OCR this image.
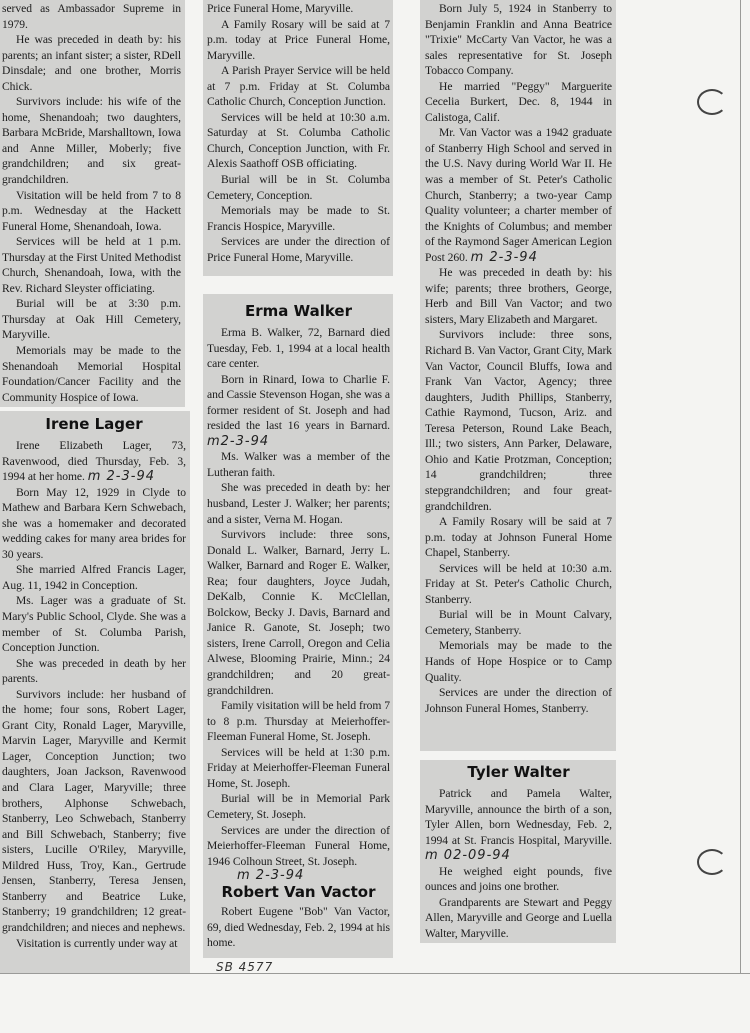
served as Ambassador Supreme in 1979.

He was preceded in death by: his parents; an infant sister; a sister, RDell Dinsdale; and one brother, Morris Chick.

Survivors include: his wife of the home, Shenandoah; two daughters, Barbara McBride, Marshalltown, Iowa and Anne Miller, Moberly; five grandchildren; and six great-grandchildren.

Visitation will be held from 7 to 8 p.m. Wednesday at the Hackett Funeral Home, Shenandoah, Iowa.

Services will be held at 1 p.m. Thursday at the First United Methodist Church, Shenandoah, Iowa, with the Rev. Richard Sleyster officiating.

Burial will be at 3:30 p.m. Thursday at Oak Hill Cemetery, Maryville.

Memorials may be made to the Shenandoah Memorial Hospital Foundation/Cancer Facility and the Community Hospice of Iowa.

Irene Lager

Irene Elizabeth Lager, 73, Ravenwood, died Thursday, Feb. 3, 1994 at her home. m 2-3-94

Born May 12, 1929 in Clyde to Mathew and Barbara Kern Schwebach, she was a homemaker and decorated wedding cakes for many area brides for 30 years.

She married Alfred Francis Lager, Aug. 11, 1942 in Conception.

Ms. Lager was a graduate of St. Mary's Public School, Clyde. She was a member of St. Columba Parish, Conception Junction.

She was preceded in death by her parents.

Survivors include: her husband of the home; four sons, Robert Lager, Grant City, Ronald Lager, Maryville, Marvin Lager, Maryville and Kermit Lager, Conception Junction; two daughters, Joan Jackson, Ravenwood and Clara Lager, Maryville; three brothers, Alphonse Schwebach, Stanberry, Leo Schwebach, Stanberry and Bill Schwebach, Stanberry; five sisters, Lucille O'Riley, Maryville, Mildred Huss, Troy, Kan., Gertrude Jensen, Stanberry, Teresa Jensen, Stanberry and Beatrice Luke, Stanberry; 19 grandchildren; 12 great-grandchildren; and nieces and nephews.

Visitation is currently under way at

Price Funeral Home, Maryville.

A Family Rosary will be said at 7 p.m. today at Price Funeral Home, Maryville.

A Parish Prayer Service will be held at 7 p.m. Friday at St. Columba Catholic Church, Conception Junction.

Services will be held at 10:30 a.m. Saturday at St. Columba Catholic Church, Conception Junction, with Fr. Alexis Saathoff OSB officiating.

Burial will be in St. Columba Cemetery, Conception.

Memorials may be made to St. Francis Hospice, Maryville.

Services are under the direction of Price Funeral Home, Maryville.

Erma Walker

Erma B. Walker, 72, Barnard died Tuesday, Feb. 1, 1994 at a local health care center.

Born in Rinard, Iowa to Charlie F. and Cassie Stevenson Hogan, she was a former resident of St. Joseph and had resided the last 16 years in Barnard. m2-3-94

Ms. Walker was a member of the Lutheran faith.

She was preceded in death by: her husband, Lester J. Walker; her parents; and a sister, Verna M. Hogan.

Survivors include: three sons, Donald L. Walker, Barnard, Jerry L. Walker, Barnard and Roger E. Walker, Rea; four daughters, Joyce Judah, DeKalb, Connie K. McClellan, Bolckow, Becky J. Davis, Barnard and Janice R. Ganote, St. Joseph; two sisters, Irene Carroll, Oregon and Celia Alwese, Blooming Prairie, Minn.; 24 grandchildren; and 20 great-grandchildren.

Family visitation will be held from 7 to 8 p.m. Thursday at Meierhoffer-Fleeman Funeral Home, St. Joseph.

Services will be held at 1:30 p.m. Friday at Meierhoffer-Fleeman Funeral Home, St. Joseph.

Burial will be in Memorial Park Cemetery, St. Joseph.

Services are under the direction of Meierhoffer-Fleeman Funeral Home, 1946 Colhoun Street, St. Joseph.

m 2-3-94
Robert Van Vactor

Robert Eugene "Bob" Van Vactor, 69, died Wednesday, Feb. 2, 1994 at his home.

Born July 5, 1924 in Stanberry to Benjamin Franklin and Anna Beatrice "Trixie" McCarty Van Vactor, he was a sales representative for St. Joseph Tobacco Company.

He married "Peggy" Marguerite Cecelia Burkert, Dec. 8, 1944 in Calistoga, Calif.

Mr. Van Vactor was a 1942 graduate of Stanberry High School and served in the U.S. Navy during World War II. He was a member of St. Peter's Catholic Church, Stanberry; a two-year Camp Quality volunteer; a charter member of the Knights of Columbus; and member of the Raymond Sager American Legion Post 260. m 2-3-94

He was preceded in death by: his wife; parents; three brothers, George, Herb and Bill Van Vactor; and two sisters, Mary Elizabeth and Margaret.

Survivors include: three sons, Richard B. Van Vactor, Grant City, Mark Van Vactor, Council Bluffs, Iowa and Frank Van Vactor, Agency; three daughters, Judith Phillips, Stanberry, Cathie Raymond, Tucson, Ariz. and Teresa Peterson, Round Lake Beach, Ill.; two sisters, Ann Parker, Delaware, Ohio and Katie Protzman, Conception; 14 grandchildren; three stepgrandchildren; and four great-grandchildren.

A Family Rosary will be said at 7 p.m. today at Johnson Funeral Home Chapel, Stanberry.

Services will be held at 10:30 a.m. Friday at St. Peter's Catholic Church, Stanberry.

Burial will be in Mount Calvary, Cemetery, Stanberry.

Memorials may be made to the Hands of Hope Hospice or to Camp Quality.

Services are under the direction of Johnson Funeral Homes, Stanberry.

Tyler Walter

Patrick and Pamela Walter, Maryville, announce the birth of a son, Tyler Allen, born Wednesday, Feb. 2, 1994 at St. Francis Hospital, Maryville. m 02-09-94

He weighed eight pounds, five ounces and joins one brother.

Grandparents are Stewart and Peggy Allen, Maryville and George and Luella Walter, Maryville.

SB 4577
